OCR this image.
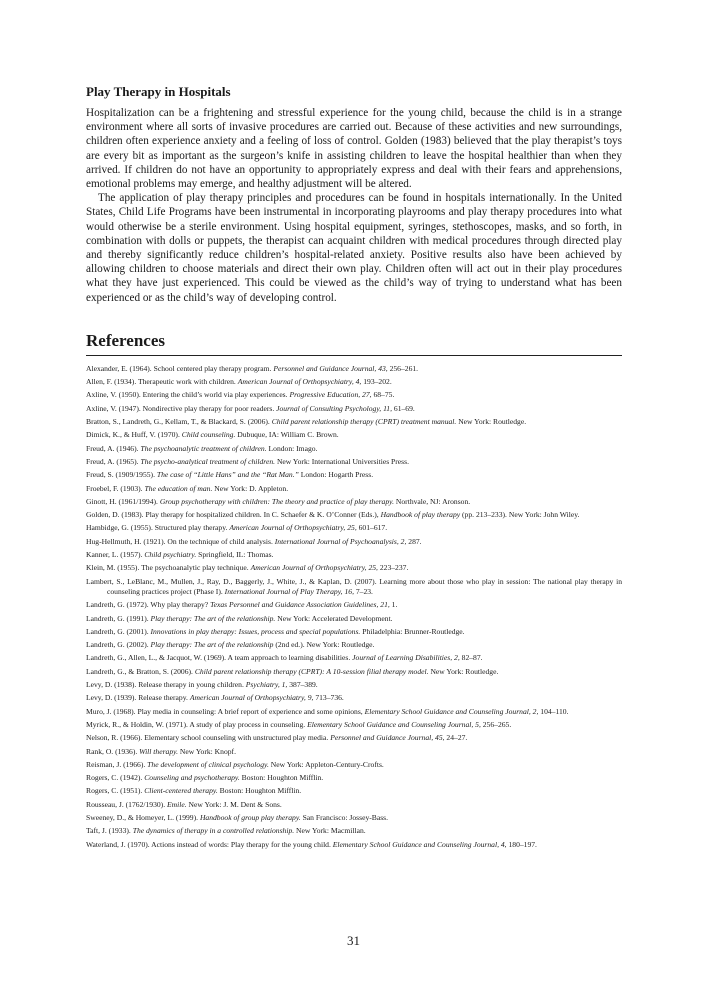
Play Therapy in Hospitals

Hospitalization can be a frightening and stressful experience for the young child, because the child is in a strange environment where all sorts of invasive procedures are carried out. Because of these activities and new surroundings, children often experience anxiety and a feeling of loss of control. Golden (1983) believed that the play therapist’s toys are every bit as important as the surgeon’s knife in assisting children to leave the hospital healthier than when they arrived. If children do not have an opportunity to appropriately express and deal with their fears and apprehensions, emotional problems may emerge, and healthy adjustment will be altered.

The application of play therapy principles and procedures can be found in hospitals internationally. In the United States, Child Life Programs have been instrumental in incorporating playrooms and play therapy procedures into what would otherwise be a sterile environment. Using hospital equipment, syringes, stethoscopes, masks, and so forth, in combination with dolls or puppets, the therapist can acquaint children with medical procedures through directed play and thereby significantly reduce children’s hospital-related anxiety. Positive results also have been achieved by allowing children to choose materials and direct their own play. Children often will act out in their play procedures what they have just experienced. This could be viewed as the child’s way of trying to understand what has been experienced or as the child’s way of developing control.

References
Alexander, E. (1964). School centered play therapy program. Personnel and Guidance Journal, 43, 256–261.
Allen, F. (1934). Therapeutic work with children. American Journal of Orthopsychiatry, 4, 193–202.
Axline, V. (1950). Entering the child’s world via play experiences. Progressive Education, 27, 68–75.
Axline, V. (1947). Nondirective play therapy for poor readers. Journal of Consulting Psychology, 11, 61–69.
Bratton, S., Landreth, G., Kellam, T., & Blackard, S. (2006). Child parent relationship therapy (CPRT) treatment manual. New York: Routledge.
Dimick, K., & Huff, V. (1970). Child counseling. Dubuque, IA: William C. Brown.
Freud, A. (1946). The psychoanalytic treatment of children. London: Imago.
Freud, A. (1965). The psycho-analytical treatment of children. New York: International Universities Press.
Freud, S. (1909/1955). The case of “Little Hans” and the “Rat Man.” London: Hogarth Press.
Froebel, F. (1903). The education of man. New York: D. Appleton.
Ginott, H. (1961/1994). Group psychotherapy with children: The theory and practice of play therapy. Northvale, NJ: Aronson.
Golden, D. (1983). Play therapy for hospitalized children. In C. Schaefer & K. O’Conner (Eds.), Handbook of play therapy (pp. 213–233). New York: John Wiley.
Hambidge, G. (1955). Structured play therapy. American Journal of Orthopsychiatry, 25, 601–617.
Hug-Hellmuth, H. (1921). On the technique of child analysis. International Journal of Psychoanalysis, 2, 287.
Kanner, L. (1957). Child psychiatry. Springfield, IL: Thomas.
Klein, M. (1955). The psychoanalytic play technique. American Journal of Orthopsychiatry, 25, 223–237.
Lambert, S., LeBlanc, M., Mullen, J., Ray, D., Baggerly, J., White, J., & Kaplan, D. (2007). Learning more about those who play in session: The national play therapy in counseling practices project (Phase I). International Journal of Play Therapy, 16, 7–23.
Landreth, G. (1972). Why play therapy? Texas Personnel and Guidance Association Guidelines, 21, 1.
Landreth, G. (1991). Play therapy: The art of the relationship. New York: Accelerated Development.
Landreth, G. (2001). Innovations in play therapy: Issues, process and special populations. Philadelphia: Brunner-Routledge.
Landreth, G. (2002). Play therapy: The art of the relationship (2nd ed.). New York: Routledge.
Landreth, G., Allen, L., & Jacquot, W. (1969). A team approach to learning disabilities. Journal of Learning Disabilities, 2, 82–87.
Landreth, G., & Bratton, S. (2006). Child parent relationship therapy (CPRT): A 10-session filial therapy model. New York: Routledge.
Levy, D. (1938). Release therapy in young children. Psychiatry, 1, 387–389.
Levy, D. (1939). Release therapy. American Journal of Orthopsychiatry, 9, 713–736.
Muro, J. (1968). Play media in counseling: A brief report of experience and some opinions, Elementary School Guidance and Counseling Journal, 2, 104–110.
Myrick, R., & Holdin, W. (1971). A study of play process in counseling. Elementary School Guidance and Counseling Journal, 5, 256–265.
Nelson, R. (1966). Elementary school counseling with unstructured play media. Personnel and Guidance Journal, 45, 24–27.
Rank, O. (1936). Will therapy. New York: Knopf.
Reisman, J. (1966). The development of clinical psychology. New York: Appleton-Century-Crofts.
Rogers, C. (1942). Counseling and psychotherapy. Boston: Houghton Mifflin.
Rogers, C. (1951). Client-centered therapy. Boston: Houghton Mifflin.
Rousseau, J. (1762/1930). Emile. New York: J. M. Dent & Sons.
Sweeney, D., & Homeyer, L. (1999). Handbook of group play therapy. San Francisco: Jossey-Bass.
Taft, J. (1933). The dynamics of therapy in a controlled relationship. New York: Macmillan.
Waterland, J. (1970). Actions instead of words: Play therapy for the young child. Elementary School Guidance and Counseling Journal, 4, 180–197.
31
